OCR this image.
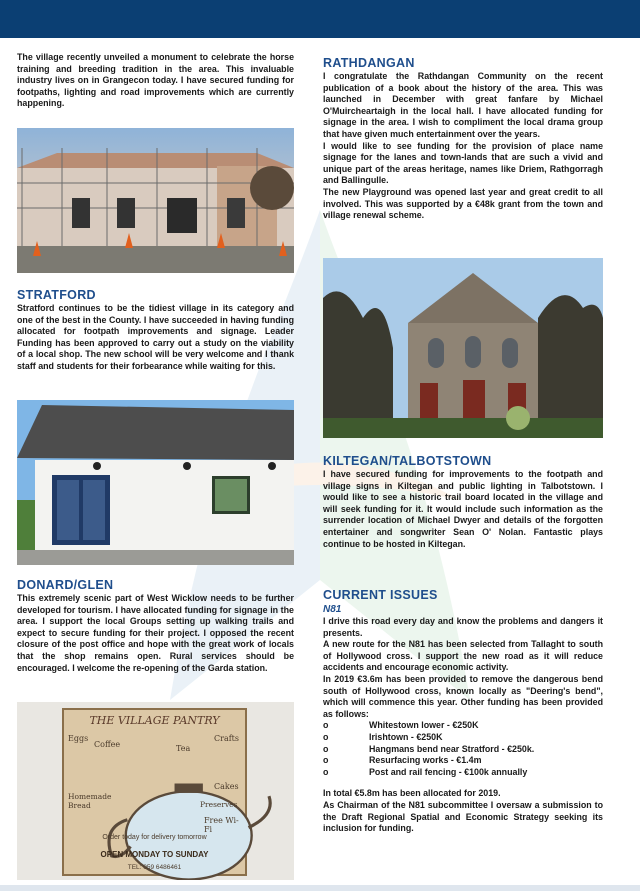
The village recently unveiled a monument to celebrate the horse training and breeding tradition in the area. This invaluable industry lives on in Grangecon today. I have secured funding for footpaths, lighting and road improvements which are currently happening.

STRATFORD

Stratford continues to be the tidiest village in its category and one of the best in the County. I have succeeded in having funding allocated for footpath improvements and signage. Leader Funding has been approved to carry out a study on the viability of a local shop. The new school will be very welcome and I thank staff and students for their forbearance while waiting for this.

DONARD/GLEN

This extremely scenic part of West Wicklow needs to be further developed for tourism. I have allocated funding for signage in the area. I support the local Groups setting up walking trails and expect to secure funding for their project. I opposed the recent closure of the post office and hope with the great work of locals that the shop remains open. Rural services should be encouraged. I welcome the re-opening of the Garda station.

THE VILLAGE PANTRY
Eggs
Coffee	Tea
Crafts
Cakes
Homemade Bread	Preserves
Free Wi-Fi
Order today for delivery tomorrow
OPEN MONDAY TO SUNDAY
TEL: 059 6486461
RATHDANGAN

I congratulate the Rathdangan Community on the recent publication of a book about the history of the area. This was launched in December with great fanfare by Michael O'Muircheartaigh in the local hall. I have allocated funding for signage in the area. I wish to compliment the local drama group that have given much entertainment over the years.

I would like to see funding for the provision of place name signage for the lanes and town-lands that are such a vivid and unique part of the areas heritage, names like Driem, Rathgorragh and Ballingulle.

The new Playground was opened last year and great credit to all involved. This was supported by a €48k grant from the town and village renewal scheme.

KILTEGAN/TALBOTSTOWN

I have secured funding for improvements to the footpath and village signs in Kiltegan and public lighting in Talbotstown. I would like to see a historic trail board located in the village and will seek funding for it. It would include such information as the surrender location of Michael Dwyer and details of the forgotten entertainer and songwriter Sean O' Nolan. Fantastic plays continue to be hosted in Kiltegan.

CURRENT ISSUES
N81

I drive this road every day and know the problems and dangers it presents.

A new route for the N81 has been selected from Tallaght to south of Hollywood cross. I support the new road as it will reduce accidents and encourage economic activity.

In 2019 €3.6m has been provided to remove the dangerous bend south of Hollywood cross, known locally as "Deering's bend", which will commence this year. Other funding has been provided as follows:

o	Whitestown lower - €250K
o	Irishtown - €250K
o	Hangmans bend near Stratford - €250k.
o	Resurfacing works - €1.4m
o	Post and rail fencing - €100k annually

In total €5.8m has been allocated for 2019.

As Chairman of the N81 subcommittee I oversaw a submission to the Draft Regional Spatial and Economic Strategy seeking its inclusion for funding.
